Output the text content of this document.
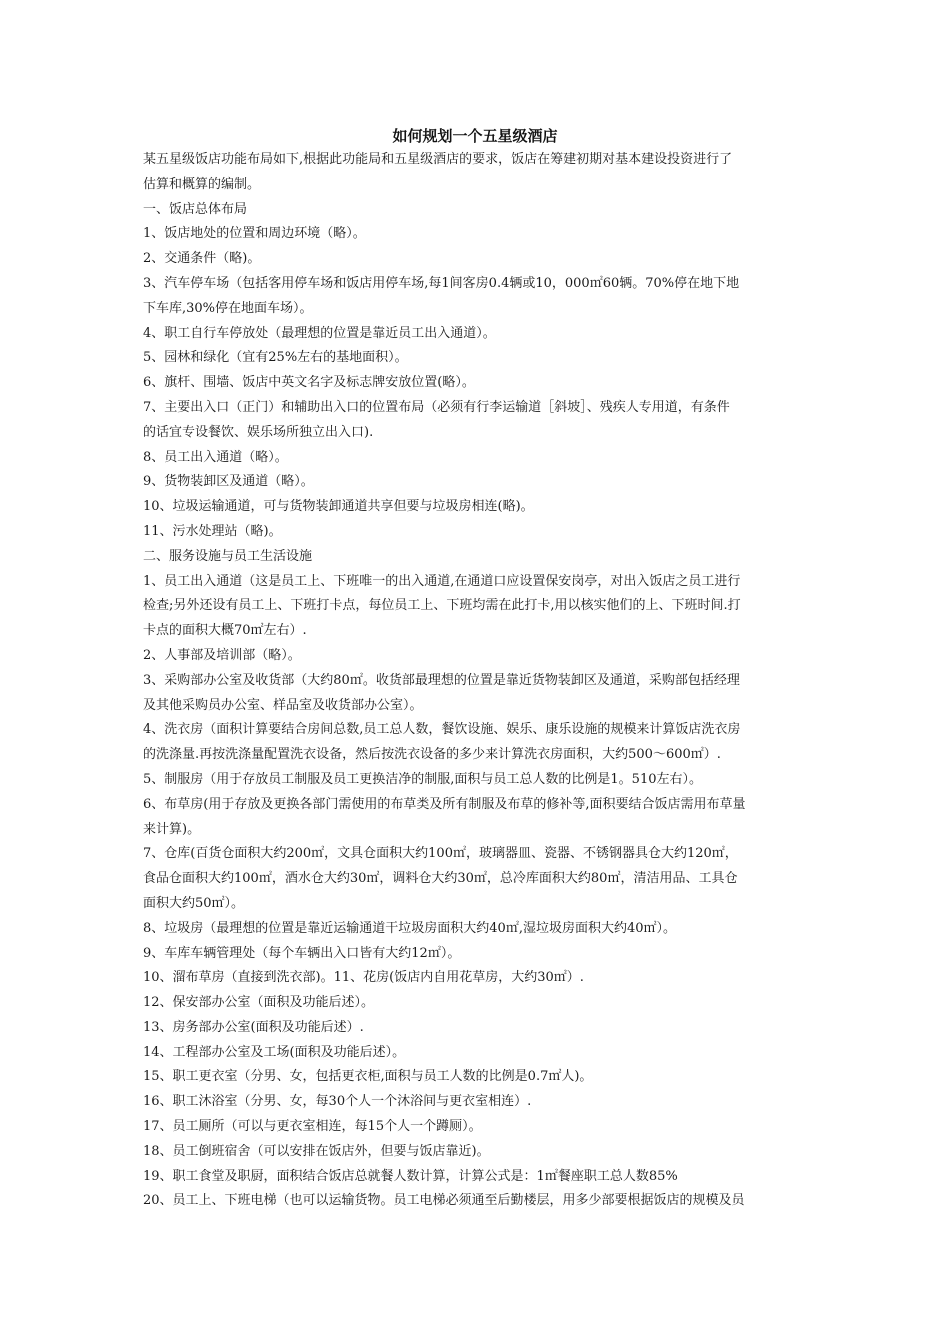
如何规划一个五星级酒店
某五星级饭店功能布局如下,根据此功能局和五星级酒店的要求，饭店在筹建初期对基本建设投资进行了
估算和概算的编制。
一、饭店总体布局
1、饭店地处的位置和周边环境（略）。
2、交通条件（略)。
3、汽车停车场（包括客用停车场和饭店用停车场,每1间客房0.4辆或10，000㎡60辆。70%停在地下地
下车库,30%停在地面车场）。
4、职工自行车停放处（最理想的位置是靠近员工出入通道）。
5、园林和绿化（宜有25%左右的基地面积）。
6、旗杆、围墙、饭店中英文名字及标志牌安放位置(略）。
7、主要出入口（正门）和辅助出入口的位置布局（必须有行李运输道［斜坡］、残疾人专用道，有条件
的话宜专设餐饮、娱乐场所独立出入口).
8、员工出入通道（略）。
9、货物装卸区及通道（略）。
10、垃圾运输通道，可与货物装卸通道共享但要与垃圾房相连(略)。
11、污水处理站（略)。
二、服务设施与员工生活设施
1、员工出入通道（这是员工上、下班唯一的出入通道,在通道口应设置保安岗亭，对出入饭店之员工进行
检查;另外还设有员工上、下班打卡点，每位员工上、下班均需在此打卡,用以核实他们的上、下班时间.打
卡点的面积大概70㎡左右）.
2、人事部及培训部（略）。
3、采购部办公室及收货部（大约80㎡。收货部最理想的位置是靠近货物装卸区及通道，采购部包括经理
及其他采购员办公室、样品室及收货部办公室）。
4、洗衣房（面积计算要结合房间总数,员工总人数，餐饮设施、娱乐、康乐设施的规模来计算饭店洗衣房
的洗涤量.再按洗涤量配置洗衣设备，然后按洗衣设备的多少来计算洗衣房面积，大约500～600㎡）.
5、制服房（用于存放员工制服及员工更换洁净的制服,面积与员工总人数的比例是1。510左右）。
6、布草房(用于存放及更换各部门需使用的布草类及所有制服及布草的修补等,面积要结合饭店需用布草量
来计算)。
7、仓库(百货仓面积大约200㎡，文具仓面积大约100㎡，玻璃器皿、瓷器、不锈钢器具仓大约120㎡，
食品仓面积大约100㎡，酒水仓大约30㎡，调料仓大约30㎡，总冷库面积大约80㎡，清洁用品、工具仓
面积大约50㎡）。
8、垃圾房（最理想的位置是靠近运输通道干垃圾房面积大约40㎡,湿垃圾房面积大约40㎡）。
9、车库车辆管理处（每个车辆出入口皆有大约12㎡）。
10、溜布草房（直接到洗衣部)。11、花房(饭店内自用花草房，大约30㎡）.
12、保安部办公室（面积及功能后述）。
13、房务部办公室(面积及功能后述）.
14、工程部办公室及工场(面积及功能后述）。
15、职工更衣室（分男、女，包括更衣柜,面积与员工人数的比例是0.7㎡人)。
16、职工沐浴室（分男、女，每30个人一个沐浴间与更衣室相连）.
17、员工厕所（可以与更衣室相连，每15个人一个蹲厕）。
18、员工倒班宿舍（可以安排在饭店外，但要与饭店靠近)。
19、职工食堂及职厨，面积结合饭店总就餐人数计算，计算公式是：1㎡餐座职工总人数85%
20、员工上、下班电梯（也可以运输货物。员工电梯必须通至后勤楼层，用多少部要根据饭店的规模及员
